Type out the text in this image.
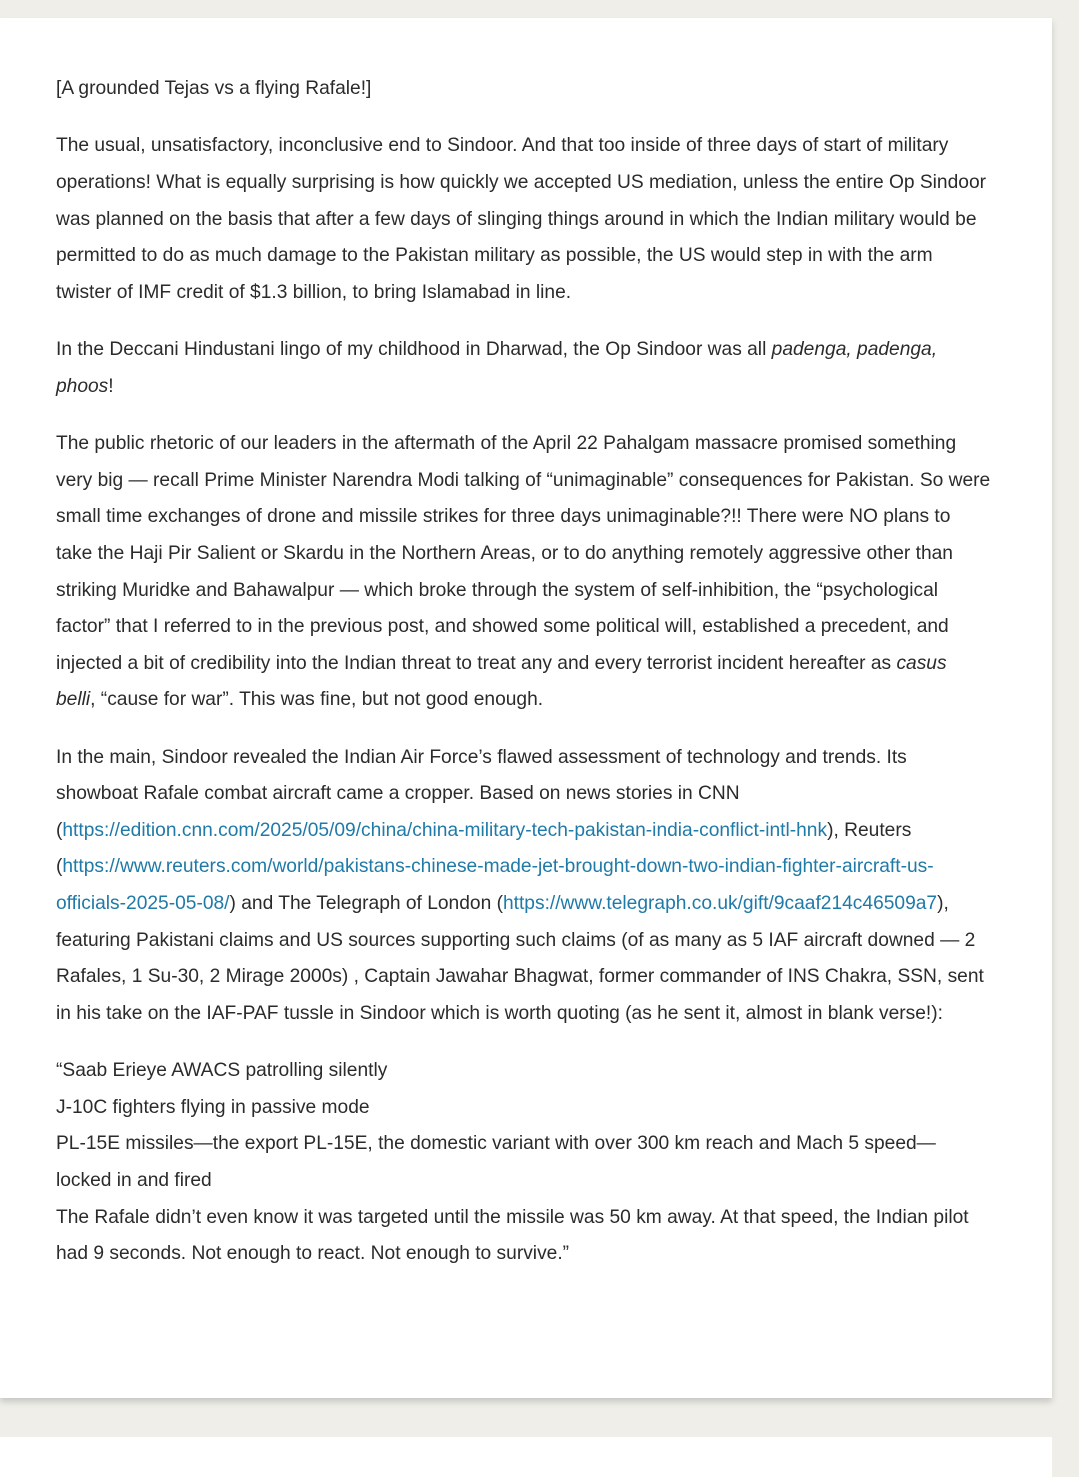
[A grounded Tejas vs a flying Rafale!]

The usual, unsatisfactory, inconclusive end to Sindoor. And that too inside of three days of start of military operations! What is equally surprising is how quickly we accepted US mediation, unless the entire Op Sindoor was planned on the basis that after a few days of slinging things around in which the Indian military would be permitted to do as much damage to the Pakistan military as possible, the US would step in with the arm twister of IMF credit of $1.3 billion, to bring Islamabad in line.

In the Deccani Hindustani lingo of my childhood in Dharwad, the Op Sindoor was all padenga, padenga, phoos!

The public rhetoric of our leaders in the aftermath of the April 22 Pahalgam massacre promised something very big — recall Prime Minister Narendra Modi talking of “unimaginable” consequences for Pakistan. So were small time exchanges of drone and missile strikes for three days unimaginable?!! There were NO plans to take the Haji Pir Salient or Skardu in the Northern Areas, or to do anything remotely aggressive other than striking Muridke and Bahawalpur — which broke through the system of self-inhibition, the “psychological factor” that I referred to in the previous post, and showed some political will, established a precedent, and injected a bit of credibility into the Indian threat to treat any and every terrorist incident hereafter as casus belli, “cause for war”. This was fine, but not good enough.

In the main, Sindoor revealed the Indian Air Force’s flawed assessment of technology and trends. Its showboat Rafale combat aircraft came a cropper. Based on news stories in CNN (https://edition.cnn.com/2025/05/09/china/china-military-tech-pakistan-india-conflict-intl-hnk), Reuters (https://www.reuters.com/world/pakistans-chinese-made-jet-brought-down-two-indian-fighter-aircraft-us-officials-2025-05-08/) and The Telegraph of London (https://www.telegraph.co.uk/gift/9caaf214c46509a7), featuring Pakistani claims and US sources supporting such claims (of as many as 5 IAF aircraft downed — 2 Rafales, 1 Su-30, 2 Mirage 2000s) , Captain Jawahar Bhagwat, former commander of INS Chakra, SSN, sent in his take on the IAF-PAF tussle in Sindoor which is worth quoting (as he sent it, almost in blank verse!):

“Saab Erieye AWACS patrolling silently
J-10C fighters flying in passive mode
PL-15E missiles—the export PL-15E, the domestic variant with over 300 km reach and Mach 5 speed—locked in and fired
The Rafale didn’t even know it was targeted until the missile was 50 km away. At that speed, the Indian pilot had 9 seconds. Not enough to react. Not enough to survive.”
